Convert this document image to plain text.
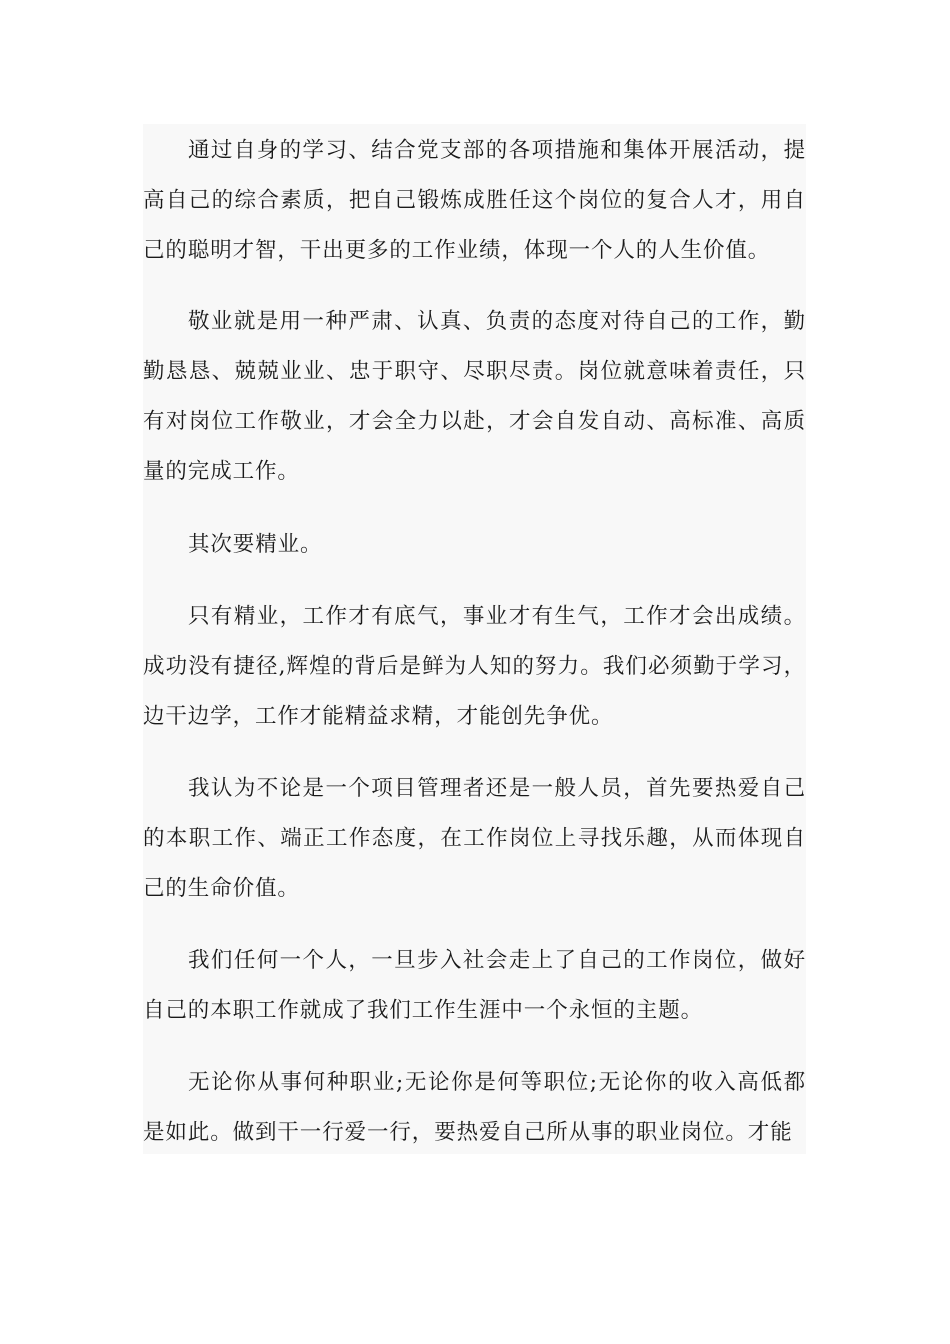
通过自身的学习、结合党支部的各项措施和集体开展活动，提高自己的综合素质，把自己锻炼成胜任这个岗位的复合人才，用自己的聪明才智，干出更多的工作业绩，体现一个人的人生价值。

敬业就是用一种严肃、认真、负责的态度对待自己的工作，勤勤恳恳、兢兢业业、忠于职守、尽职尽责。岗位就意味着责任，只有对岗位工作敬业，才会全力以赴，才会自发自动、高标准、高质量的完成工作。

其次要精业。

只有精业，工作才有底气，事业才有生气，工作才会出成绩。成功没有捷径,辉煌的背后是鲜为人知的努力。我们必须勤于学习，边干边学，工作才能精益求精，才能创先争优。

我认为不论是一个项目管理者还是一般人员，首先要热爱自己的本职工作、端正工作态度，在工作岗位上寻找乐趣，从而体现自己的生命价值。

我们任何一个人，一旦步入社会走上了自己的工作岗位，做好自己的本职工作就成了我们工作生涯中一个永恒的主题。

无论你从事何种职业;无论你是何等职位;无论你的收入高低都是如此。做到干一行爱一行，要热爱自己所从事的职业岗位。才能
